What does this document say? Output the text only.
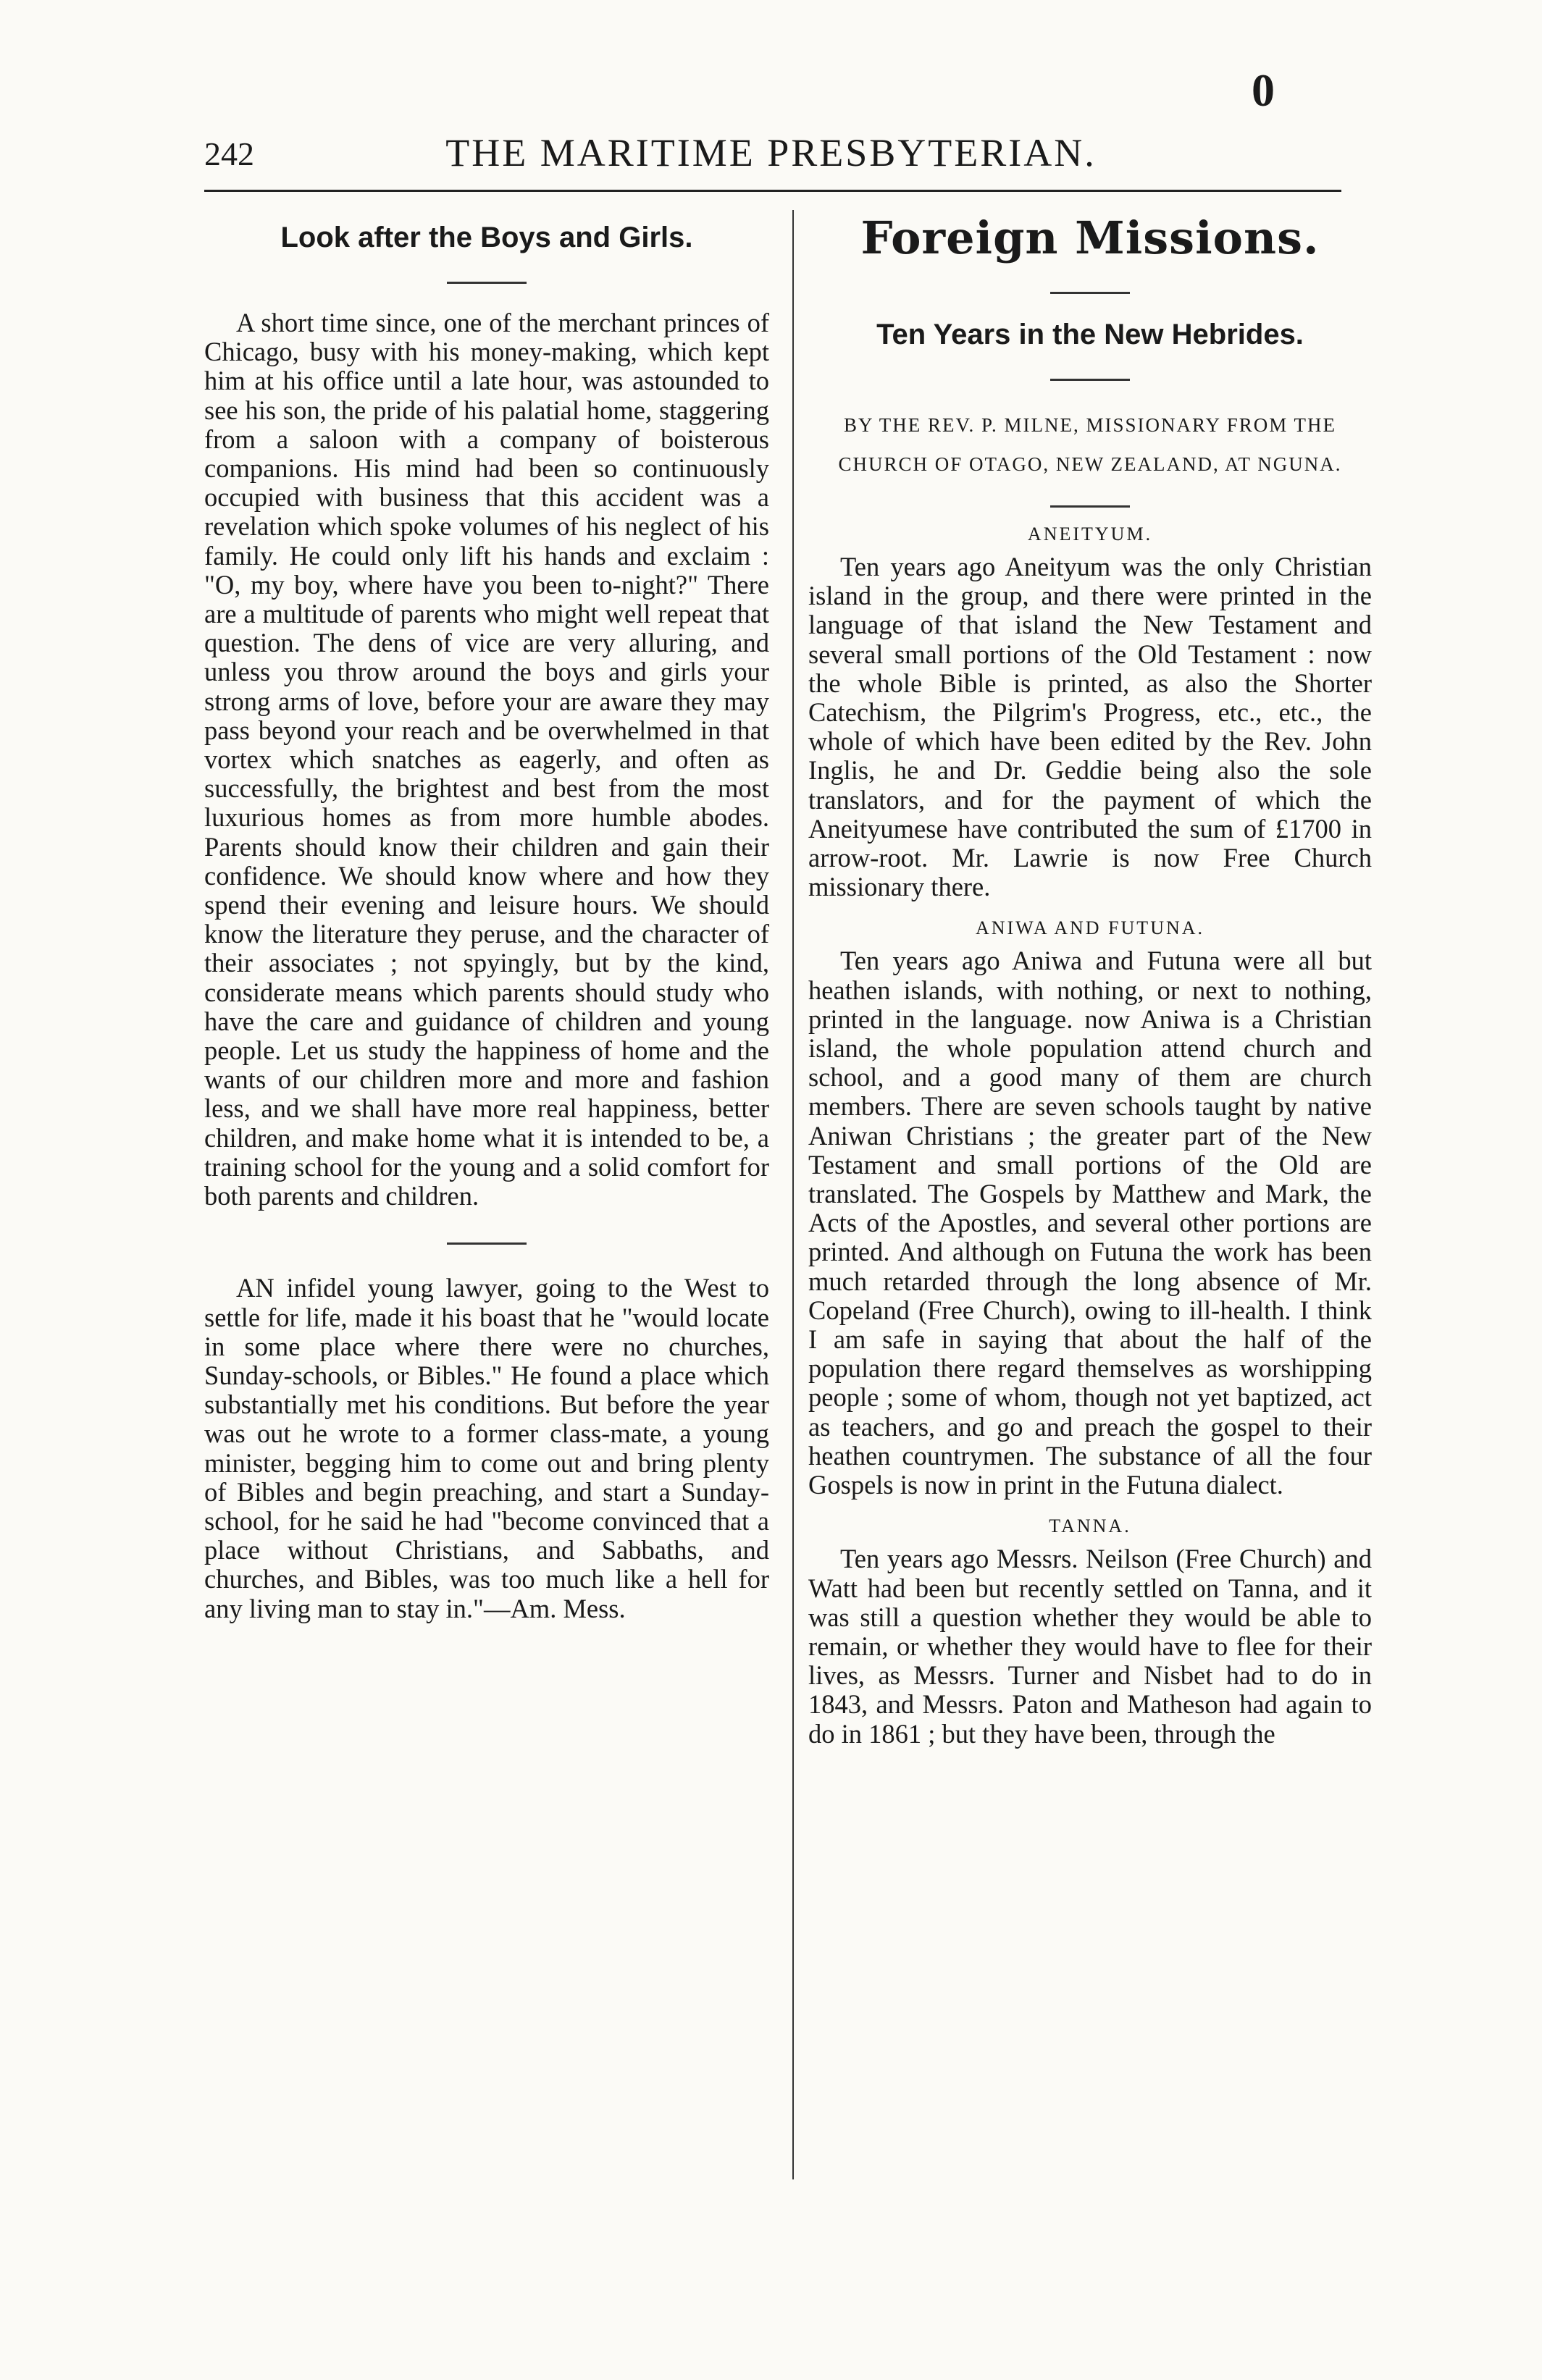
0
242	THE MARITIME PRESBYTERIAN.
Look after the Boys and Girls.

A short time since, one of the merchant princes of Chicago, busy with his money-making, which kept him at his office until a late hour, was astounded to see his son, the pride of his palatial home, staggering from a saloon with a company of boisterous companions. His mind had been so continuously occupied with business that this accident was a revelation which spoke volumes of his neglect of his family. He could only lift his hands and exclaim : "O, my boy, where have you been to-night?" There are a multitude of parents who might well repeat that question. The dens of vice are very alluring, and unless you throw around the boys and girls your strong arms of love, before your are aware they may pass beyond your reach and be overwhelmed in that vortex which snatches as eagerly, and often as successfully, the brightest and best from the most luxurious homes as from more humble abodes. Parents should know their children and gain their confidence. We should know where and how they spend their evening and leisure hours. We should know the literature they peruse, and the character of their associates ; not spyingly, but by the kind, considerate means which parents should study who have the care and guidance of children and young people. Let us study the happiness of home and the wants of our children more and more and fashion less, and we shall have more real happiness, better children, and make home what it is intended to be, a training school for the young and a solid comfort for both parents and children.

AN infidel young lawyer, going to the West to settle for life, made it his boast that he "would locate in some place where there were no churches, Sunday-schools, or Bibles." He found a place which substantially met his conditions. But before the year was out he wrote to a former class-mate, a young minister, begging him to come out and bring plenty of Bibles and begin preaching, and start a Sunday-school, for he said he had "become convinced that a place without Christians, and Sabbaths, and churches, and Bibles, was too much like a hell for any living man to stay in."—Am. Mess.

Foreign Missions.
Ten Years in the New Hebrides.
BY THE REV. P. MILNE, MISSIONARY FROM THE CHURCH OF OTAGO, NEW ZEALAND, AT NGUNA.
ANEITYUM.

Ten years ago Aneityum was the only Christian island in the group, and there were printed in the language of that island the New Testament and several small portions of the Old Testament : now the whole Bible is printed, as also the Shorter Catechism, the Pilgrim's Progress, etc., etc., the whole of which have been edited by the Rev. John Inglis, he and Dr. Geddie being also the sole translators, and for the payment of which the Aneityumese have contributed the sum of £1700 in arrow-root. Mr. Lawrie is now Free Church missionary there.

ANIWA AND FUTUNA.

Ten years ago Aniwa and Futuna were all but heathen islands, with nothing, or next to nothing, printed in the language. now Aniwa is a Christian island, the whole population attend church and school, and a good many of them are church members. There are seven schools taught by native Aniwan Christians ; the greater part of the New Testament and small portions of the Old are translated. The Gospels by Matthew and Mark, the Acts of the Apostles, and several other portions are printed. And although on Futuna the work has been much retarded through the long absence of Mr. Copeland (Free Church), owing to ill-health. I think I am safe in saying that about the half of the population there regard themselves as worshipping people ; some of whom, though not yet baptized, act as teachers, and go and preach the gospel to their heathen countrymen. The substance of all the four Gospels is now in print in the Futuna dialect.

TANNA.

Ten years ago Messrs. Neilson (Free Church) and Watt had been but recently settled on Tanna, and it was still a question whether they would be able to remain, or whether they would have to flee for their lives, as Messrs. Turner and Nisbet had to do in 1843, and Messrs. Paton and Matheson had again to do in 1861 ; but they have been, through the
